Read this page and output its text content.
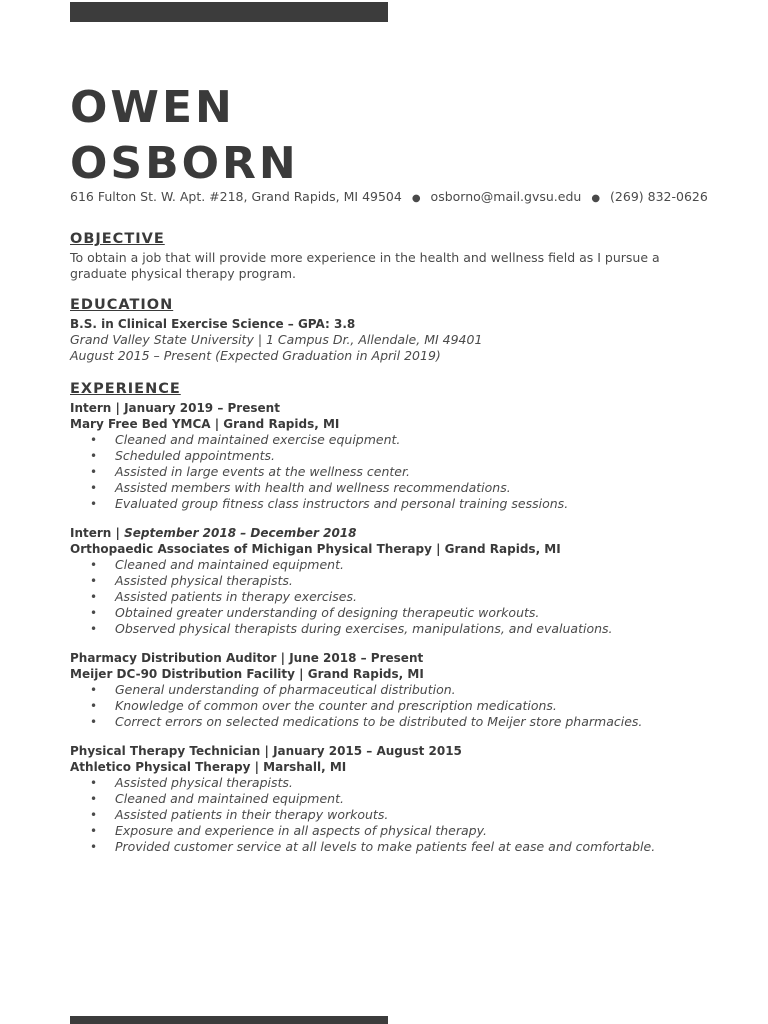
OWEN
OSBORN
616 Fulton St. W. Apt. #218, Grand Rapids, MI 49504 ● osborno@mail.gvsu.edu ● (269) 832-0626

OBJECTIVE

To obtain a job that will provide more experience in the health and wellness field as I pursue a

graduate physical therapy program.

EDUCATION

B.S. in Clinical Exercise Science – GPA: 3.8

Grand Valley State University | 1 Campus Dr., Allendale, MI 49401

August 2015 – Present (Expected Graduation in April 2019)

EXPERIENCE

Intern | January 2019 – Present

Mary Free Bed YMCA | Grand Rapids, MI

• Cleaned and maintained exercise equipment.
• Scheduled appointments.
• Assisted in large events at the wellness center.
• Assisted members with health and wellness recommendations.
• Evaluated group fitness class instructors and personal training sessions.

Intern | September 2018 – December 2018

Orthopaedic Associates of Michigan Physical Therapy | Grand Rapids, MI

• Cleaned and maintained equipment.
• Assisted physical therapists.
• Assisted patients in therapy exercises.
• Obtained greater understanding of designing therapeutic workouts.
• Observed physical therapists during exercises, manipulations, and evaluations.

Pharmacy Distribution Auditor | June 2018 – Present

Meijer DC-90 Distribution Facility | Grand Rapids, MI

• General understanding of pharmaceutical distribution.
• Knowledge of common over the counter and prescription medications.
• Correct errors on selected medications to be distributed to Meijer store pharmacies.

Physical Therapy Technician | January 2015 – August 2015

Athletico Physical Therapy | Marshall, MI

• Assisted physical therapists.
• Cleaned and maintained equipment.
• Assisted patients in their therapy workouts.
• Exposure and experience in all aspects of physical therapy.
• Provided customer service at all levels to make patients feel at ease and comfortable.
